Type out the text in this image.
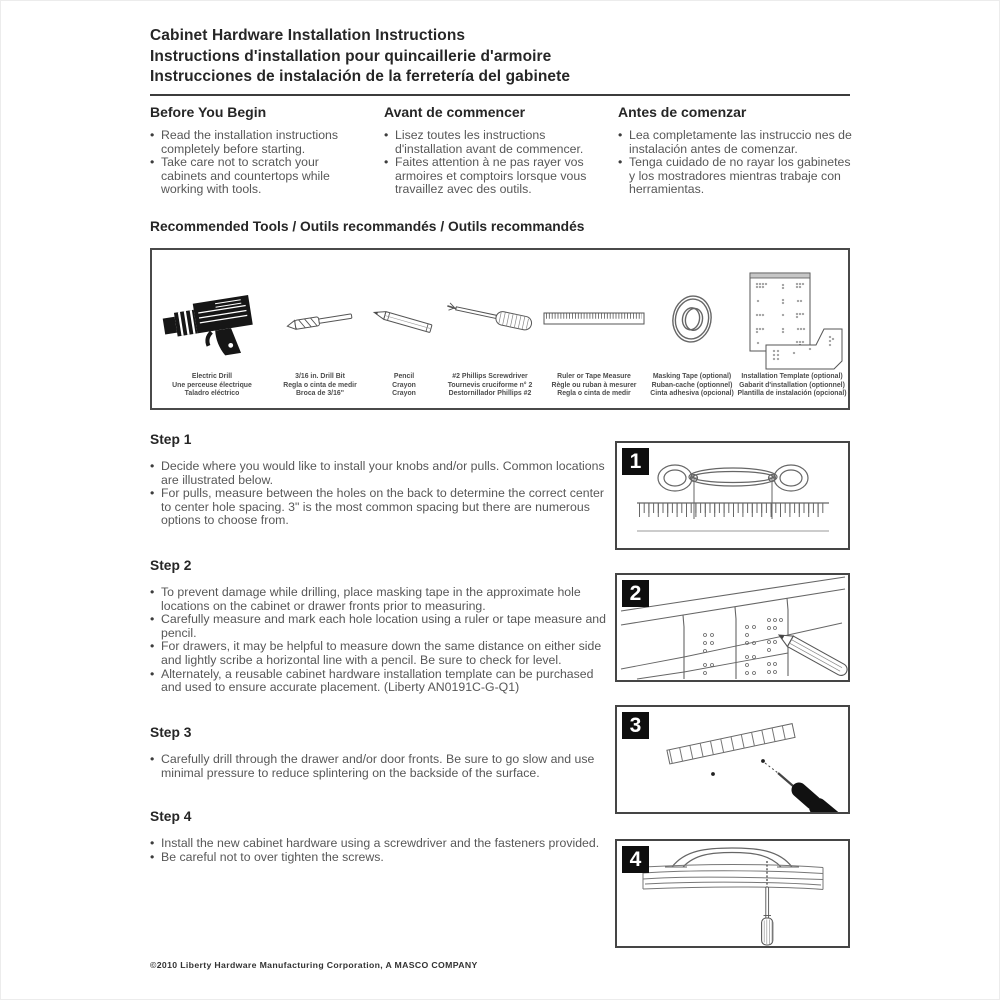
Cabinet Hardware Installation Instructions
Instructions d'installation pour quincaillerie d'armoire
Instrucciones de instalación de la ferretería del gabinete
Before You Begin
• Read the installation instructions completely before starting.
• Take care not to scratch your cabinets and countertops while working with tools.
Avant de commencer
• Lisez toutes les instructions d'installation avant de commencer.
• Faites attention à ne pas rayer vos armoires et comptoirs lorsque vous travaillez avec des outils.
Antes de comenzar
• Lea completamente las instruccio nes de instalación antes de comenzar.
• Tenga cuidado de no rayar los gabinetes y los mostradores mientras trabaje con herramientas.
Recommended Tools / Outils recommandés / Outils recommandés
Electric Drill
Une perceuse électrique
Taladro eléctrico
3/16 in. Drill Bit
Regla o cinta de medir
Broca de 3/16"
Pencil
Crayon
Crayon
#2 Phillips Screwdriver
Tournevis cruciforme n° 2
Destornillador Phillips #2
Ruler or Tape Measure
Règle ou ruban à mesurer
Regla o cinta de medir
Masking Tape (optional)
Ruban-cache (optionnel)
Cinta adhesiva (opcional)
Installation Template (optional)
Gabarit d'installation (optionnel)
Plantilla de instalación (opcional)
Step 1
• Decide where you would like to install your knobs and/or pulls. Common locations are illustrated below.
• For pulls, measure between the holes on the back to determine the correct center to center hole spacing. 3" is the most common spacing but there are numerous options to choose from.
Step 2
• To prevent damage while drilling, place masking tape in the approximate hole locations on the cabinet or drawer fronts prior to measuring.
• Carefully measure and mark each hole location using a ruler or tape measure and pencil.
• For drawers, it may be helpful to measure down the same distance on either side and lightly scribe a horizontal line with a pencil. Be sure to check for level.
• Alternately, a reusable cabinet hardware installation template can be purchased and used to ensure accurate placement. (Liberty AN0191C-G-Q1)
Step 3
• Carefully drill through the drawer and/or door fronts. Be sure to go slow and use minimal pressure to reduce splintering on the backside of the surface.
Step 4
• Install the new cabinet hardware using a screwdriver and the fasteners provided.
• Be careful not to over tighten the screws.
1
2
3
4
©2010 Liberty Hardware Manufacturing Corporation, A MASCO COMPANY
